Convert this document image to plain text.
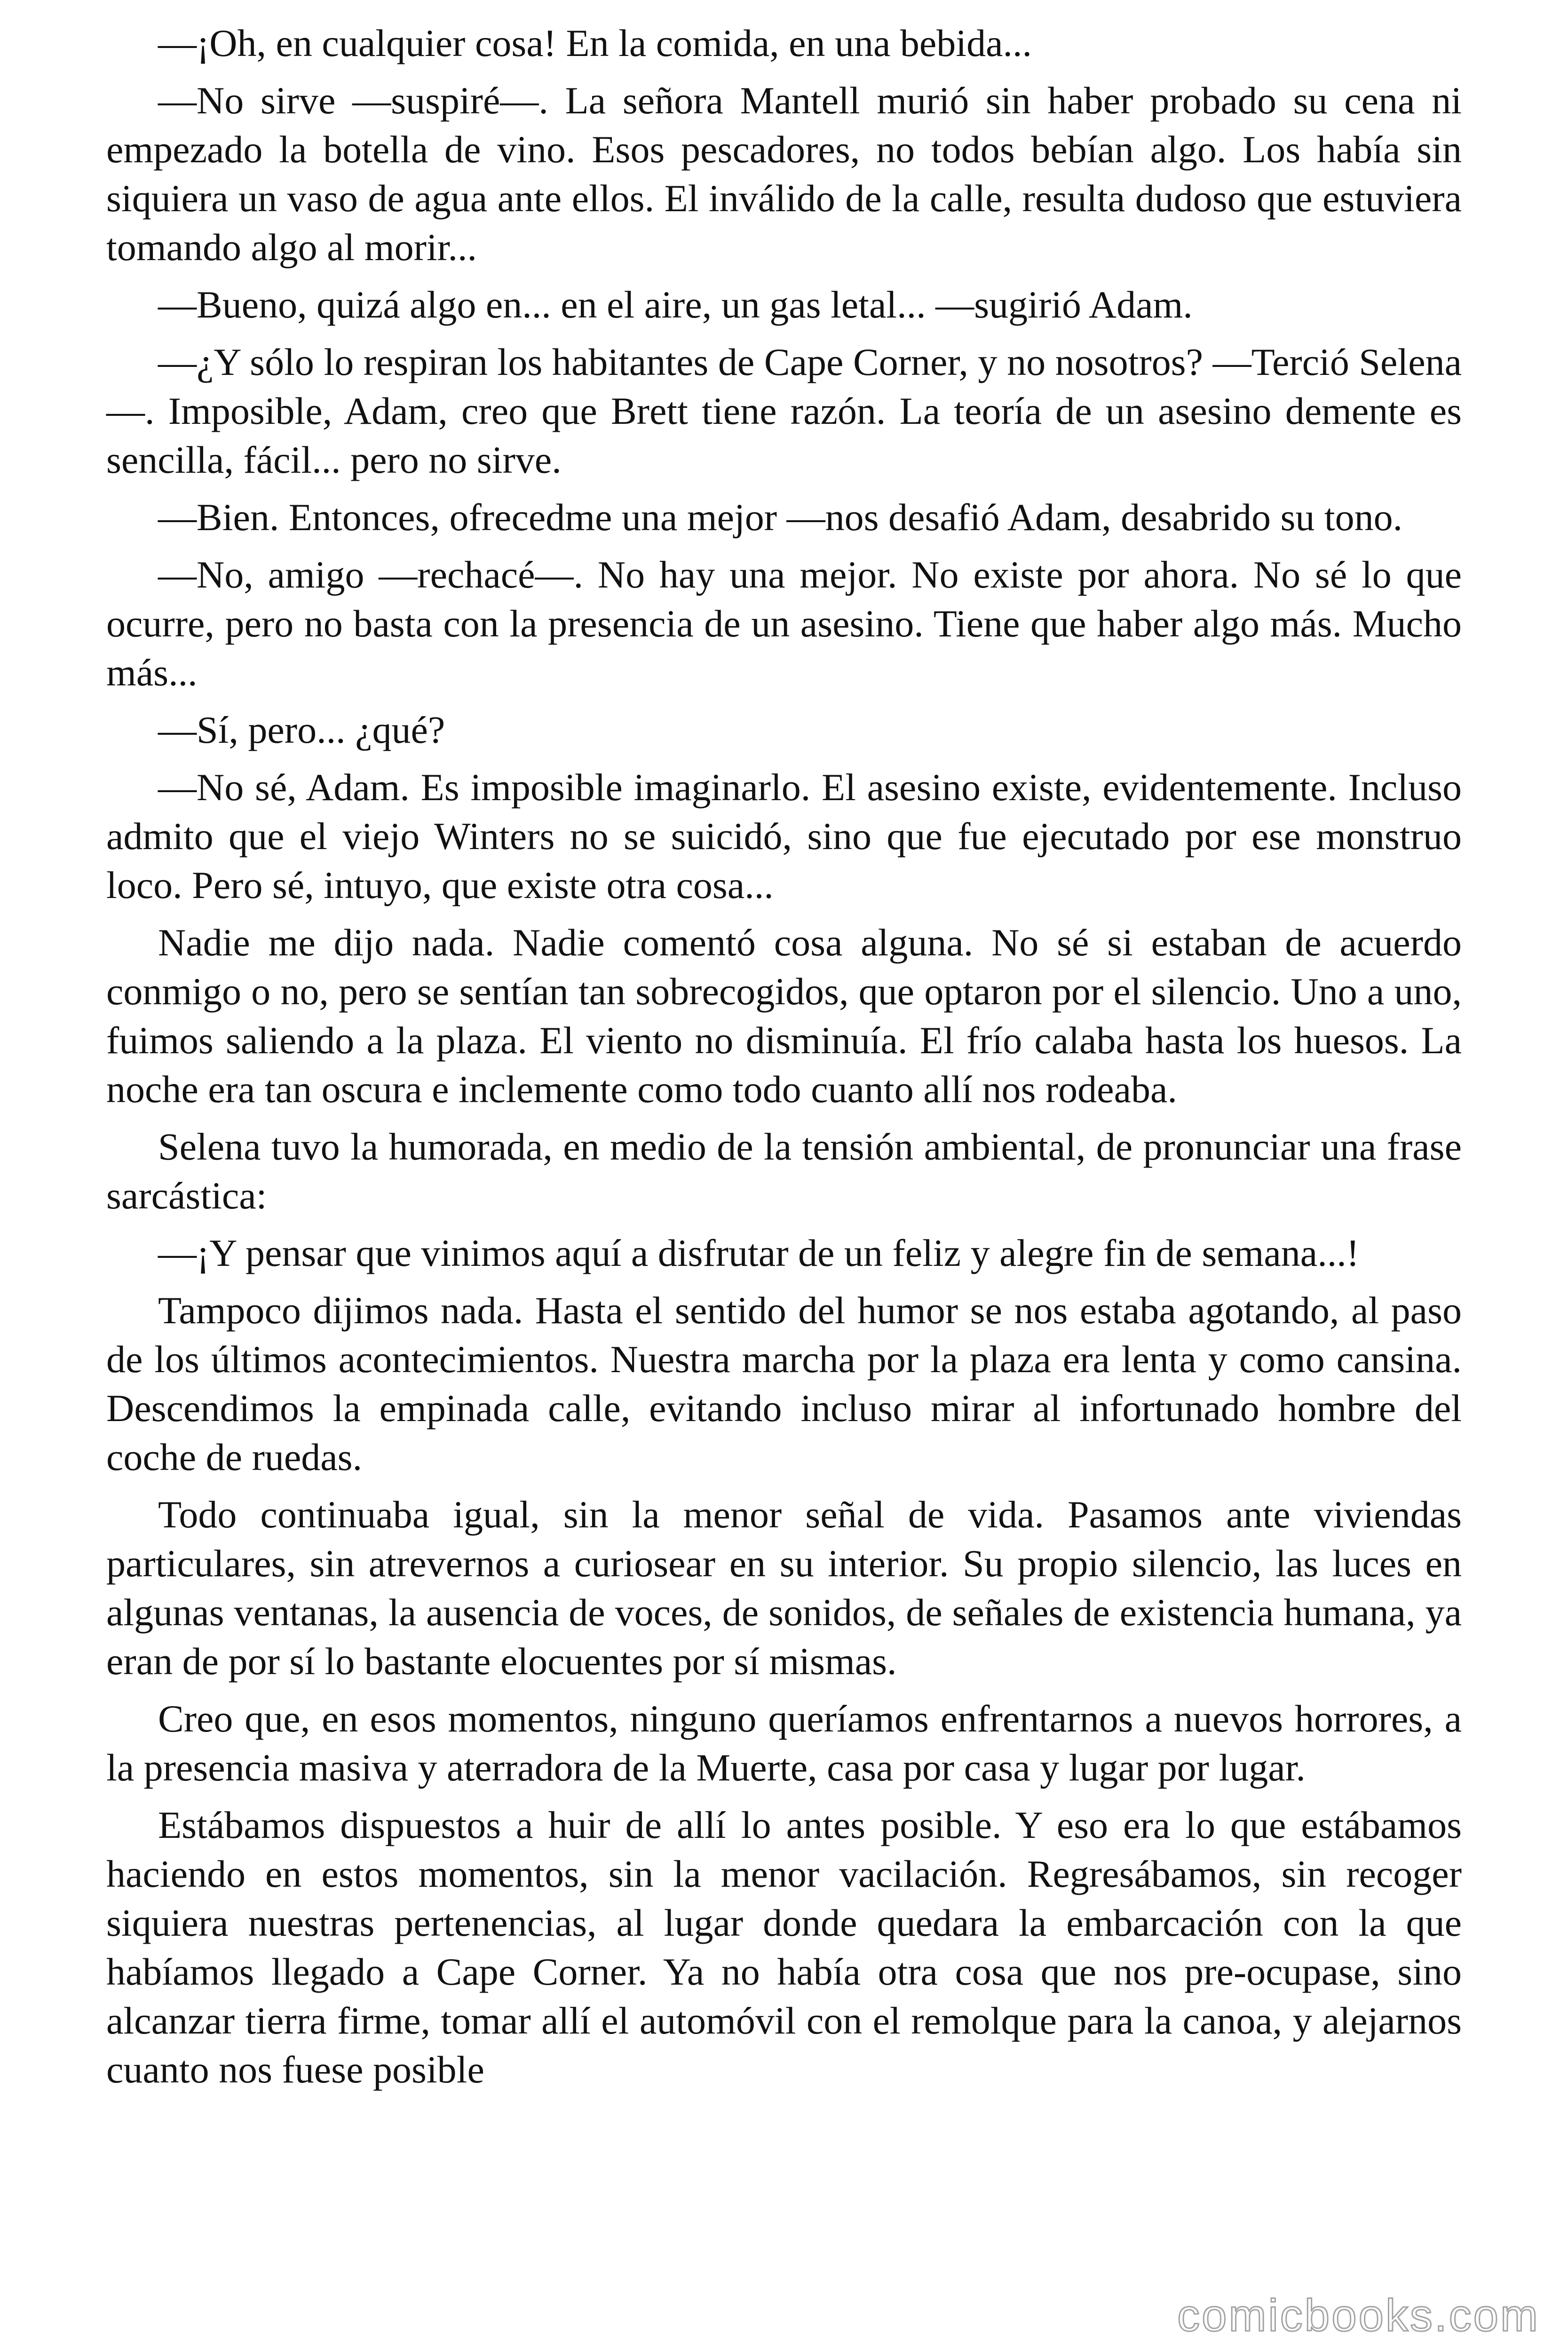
—¡Oh, en cualquier cosa! En la comida, en una bebida...

—No sirve —suspiré—. La señora Mantell murió sin haber probado su cena ni empezado la botella de vino. Esos pescadores, no todos bebían algo. Los había sin siquiera un vaso de agua ante ellos. El inválido de la calle, resulta dudoso que estuviera tomando algo al morir...

—Bueno, quizá algo en... en el aire, un gas letal... —sugirió Adam.

—¿Y sólo lo respiran los habitantes de Cape Corner, y no nosotros? —Terció Selena—. Imposible, Adam, creo que Brett tiene razón. La teoría de un asesino demente es sencilla, fácil... pero no sirve.

—Bien. Entonces, ofrecedme una mejor —nos desafió Adam, desabrido su tono.

—No, amigo —rechacé—. No hay una mejor. No existe por ahora. No sé lo que ocurre, pero no basta con la presencia de un asesino. Tiene que haber algo más. Mucho más...

—Sí, pero... ¿qué?

—No sé, Adam. Es imposible imaginarlo. El asesino existe, evidentemente. Incluso admito que el viejo Winters no se suicidó, sino que fue ejecutado por ese monstruo loco. Pero sé, intuyo, que existe otra cosa...

Nadie me dijo nada. Nadie comentó cosa alguna. No sé si estaban de acuerdo conmigo o no, pero se sentían tan sobrecogidos, que optaron por el silencio. Uno a uno, fuimos saliendo a la plaza. El viento no disminuía. El frío calaba hasta los huesos. La noche era tan oscura e inclemente como todo cuanto allí nos rodeaba.

Selena tuvo la humorada, en medio de la tensión ambiental, de pronunciar una frase sarcástica:

—¡Y pensar que vinimos aquí a disfrutar de un feliz y alegre fin de semana...!

Tampoco dijimos nada. Hasta el sentido del humor se nos estaba agotando, al paso de los últimos acontecimientos. Nuestra marcha por la plaza era lenta y como cansina. Descendimos la empinada calle, evitando incluso mirar al infortunado hombre del coche de ruedas.

Todo continuaba igual, sin la menor señal de vida. Pasamos ante viviendas particulares, sin atrevernos a curiosear en su interior. Su propio silencio, las luces en algunas ventanas, la ausencia de voces, de sonidos, de señales de existencia humana, ya eran de por sí lo bastante elocuentes por sí mismas.

Creo que, en esos momentos, ninguno queríamos enfrentarnos a nuevos horrores, a la presencia masiva y aterradora de la Muerte, casa por casa y lugar por lugar.

Estábamos dispuestos a huir de allí lo antes posible. Y eso era lo que estábamos haciendo en estos momentos, sin la menor vacilación. Regresábamos, sin recoger siquiera nuestras pertenencias, al lugar donde quedara la embarcación con la que habíamos llegado a Cape Corner. Ya no había otra cosa que nos pre-ocupase, sino alcanzar tierra firme, tomar allí el automóvil con el remolque para la canoa, y alejarnos cuanto nos fuese posible

comicbooks.com
